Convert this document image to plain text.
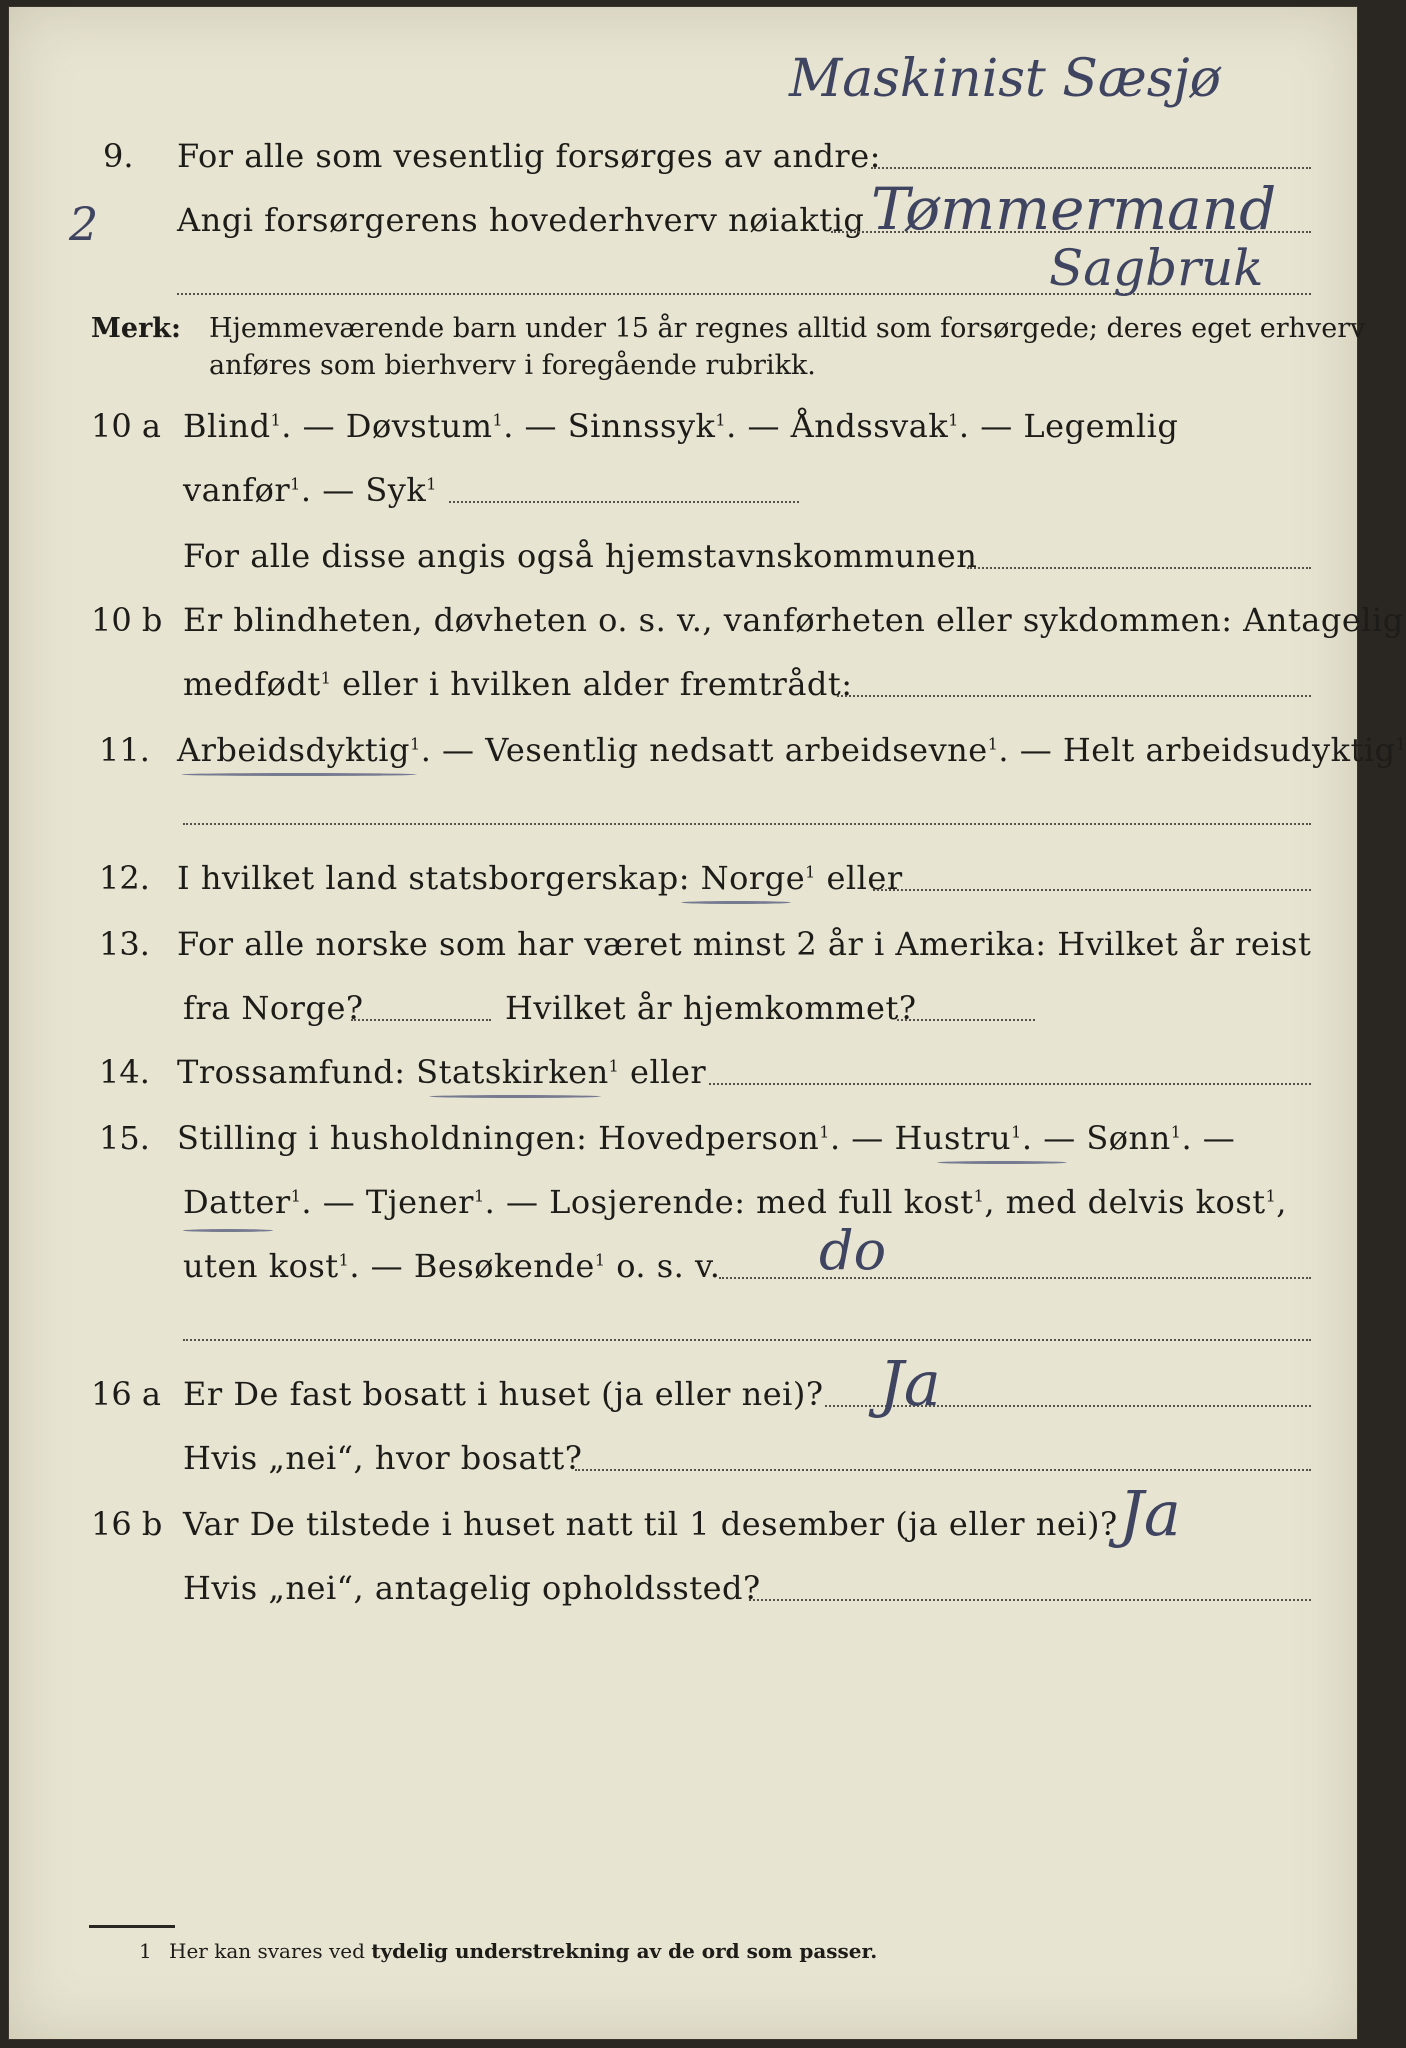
Maskinist Sæsjø
9. For alle som vesentlig forsørges av andre:
2 Angi forsørgerens hovederhverv nøiaktig Tømmermand
Sagbruk
Merk: Hjemmeværende barn under 15 år regnes alltid som forsørgede; deres eget erhverv
anføres som bierhverv i foregående rubrikk.
10 a Blind$^1$. — Døvstum$^1$. — Sinnssyk$^1$. — Åndssvak$^1$. — Legemlig
vanfør$^1$. — Syk$^1$
For alle disse angis også hjemstavnskommunen
10 b Er blindheten, døvheten o. s. v., vanførheten eller sykdommen: Antagelig
medfødt$^1$ eller i hvilken alder fremtrådt:
11. Arbeidsdyktig$^1$. — Vesentlig nedsatt arbeidsevne$^1$. — Helt arbeidsudyktig$^1$
12. I hvilket land statsborgerskap: Norge$^1$ eller
13. For alle norske som har været minst 2 år i Amerika: Hvilket år reist
fra Norge?	Hvilket år hjemkommet?
14. Trossamfund: Statskirken$^1$ eller
15. Stilling i husholdningen: Hovedperson$^1$. — Hustru$^1$. — Sønn$^1$. —
Datter$^1$. — Tjener$^1$. — Losjerende: med full kost$^1$, med delvis kost$^1$,
uten kost$^1$. — Besøkende$^1$ o. s. v. do
16 a Er De fast bosatt i huset (ja eller nei)? Ja
Hvis „nei“, hvor bosatt?
16 b Var De tilstede i huset natt til 1 desember (ja eller nei)? Ja
Hvis „nei“, antagelig opholdssted?
1 Her kan svares ved tydelig understrekning av de ord som passer.
